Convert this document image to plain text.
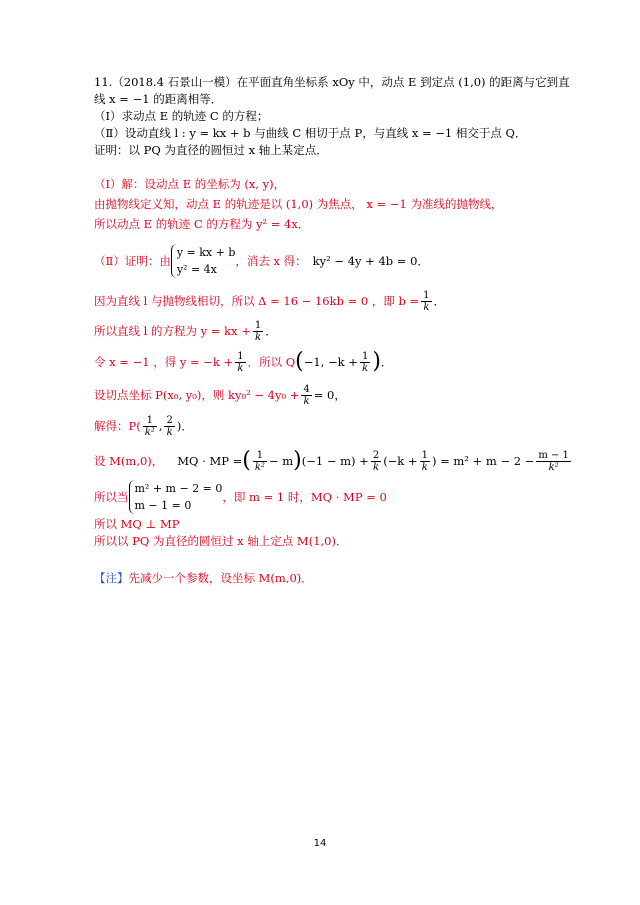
11.（2018.4 石景山一模）在平面直角坐标系 xOy 中，动点 E 到定点 (1,0) 的距离与它到直
线 x = −1 的距离相等．
（Ⅰ）求动点 E 的轨迹 C 的方程；
（Ⅱ）设动直线 l : y = kx + b 与曲线 C 相切于点 P，与直线 x = −1 相交于点 Q．
证明：以 PQ 为直径的圆恒过 x 轴上某定点．
（Ⅰ）解：设动点 E 的坐标为 (x, y)，
由抛物线定义知，动点 E 的轨迹是以 (1,0) 为焦点， x = −1 为准线的抛物线，
所以动点 E 的轨迹 C 的方程为 y² = 4x．
（Ⅱ）证明：由
y = kx + b
y² = 4x
，消去 x 得： ky² − 4y + 4b = 0．
因为直线 l 与抛物线相切，所以 Δ = 16 − 16kb = 0 ，即 $b = \frac{1}{k}$ ．
所以直线 l 的方程为 y = kx + $\frac{1}{k}$ ．
令 x = −1 ，得 $y = -k + \frac{1}{k}$ ．所以 Q ( −1, $-k + \frac{1}{k}$ ) ．
设切点坐标 P(x₀, y₀)，则 $ky_0^2 - 4y_0 + \frac{4}{k} = 0$，
解得：$P( \frac{1}{\text{k²}}$ , $\frac{2}{k}$ )．
设 M(m,0)， MQ · MP = ( $\frac{1}{\text{k²}} - m$ ) $(-1 - m) + \frac{2}{k} (-k + \frac{1}{k}$ ) = $m^2 + m - 2 - \frac{m - 1}{\text{k²}}$
所以当
m² + m − 2 = 0
m − 1 = 0
，即 m = 1 时，MQ · MP = 0
所以 MQ ⊥ MP
所以以 PQ 为直径的圆恒过 x 轴上定点 M(1,0)．
【注】先减少一个参数，设坐标 M(m,0)．
14
